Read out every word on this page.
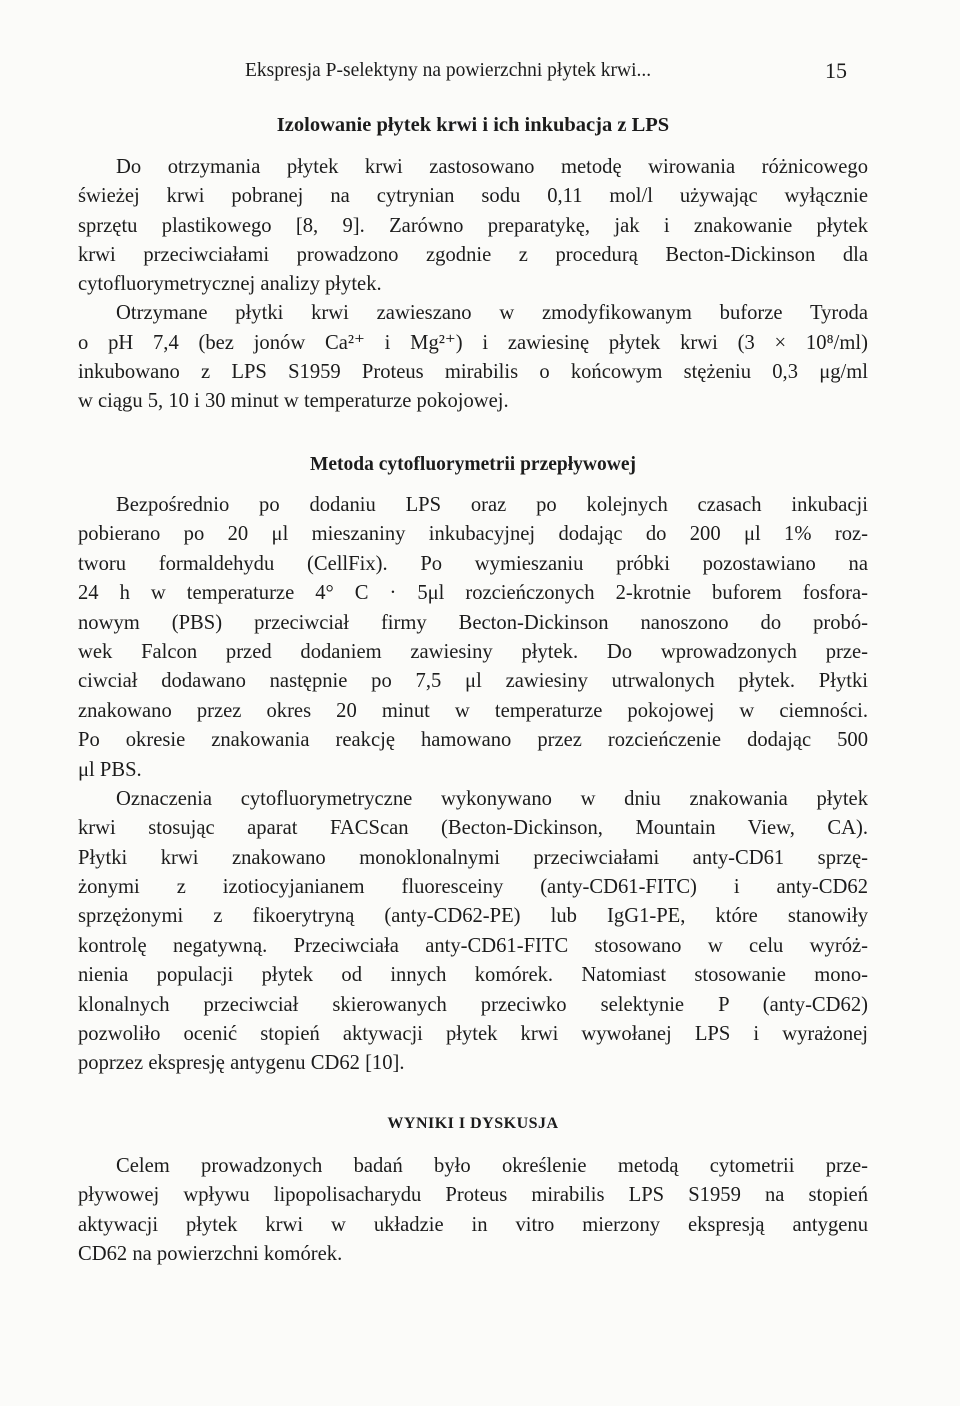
Ekspresja P-selektyny na powierzchni płytek krwi...	15
Izolowanie płytek krwi i ich inkubacja z LPS
Do otrzymania płytek krwi zastosowano metodę wirowania różnicowego
świeżej krwi pobranej na cytrynian sodu 0,11 mol/l używając wyłącznie
sprzętu plastikowego [8, 9]. Zarówno preparatykę, jak i znakowanie płytek
krwi przeciwciałami prowadzono zgodnie z procedurą Becton-Dickinson dla
cytofluorymetrycznej analizy płytek.
Otrzymane płytki krwi zawieszano w zmodyfikowanym buforze Tyroda
o pH 7,4 (bez jonów Ca²⁺ i Mg²⁺) i zawiesinę płytek krwi (3 × 10⁸/ml)
inkubowano z LPS S1959 Proteus mirabilis o końcowym stężeniu 0,3 μg/ml
w ciągu 5, 10 i 30 minut w temperaturze pokojowej.
Metoda cytofluorymetrii przepływowej
Bezpośrednio po dodaniu LPS oraz po kolejnych czasach inkubacji
pobierano po 20 μl mieszaniny inkubacyjnej dodając do 200 μl 1% roz-
tworu formaldehydu (CellFix). Po wymieszaniu próbki pozostawiano na
24 h w temperaturze 4° C · 5μl rozcieńczonych 2-krotnie buforem fosfora-
nowym (PBS) przeciwciał firmy Becton-Dickinson nanoszono do probó-
wek Falcon przed dodaniem zawiesiny płytek. Do wprowadzonych prze-
ciwciał dodawano następnie po 7,5 μl zawiesiny utrwalonych płytek. Płytki
znakowano przez okres 20 minut w temperaturze pokojowej w ciemności.
Po okresie znakowania reakcję hamowano przez rozcieńczenie dodając 500
μl PBS.
Oznaczenia cytofluorymetryczne wykonywano w dniu znakowania płytek
krwi stosując aparat FACScan (Becton-Dickinson, Mountain View, CA).
Płytki krwi znakowano monoklonalnymi przeciwciałami anty-CD61 sprzę-
żonymi z izotiocyjanianem fluoresceiny (anty-CD61-FITC) i anty-CD62
sprzężonymi z fikoerytryną (anty-CD62-PE) lub IgG1-PE, które stanowiły
kontrolę negatywną. Przeciwciała anty-CD61-FITC stosowano w celu wyróż-
nienia populacji płytek od innych komórek. Natomiast stosowanie mono-
klonalnych przeciwciał skierowanych przeciwko selektynie P (anty-CD62)
pozwoliło ocenić stopień aktywacji płytek krwi wywołanej LPS i wyrażonej
poprzez ekspresję antygenu CD62 [10].
WYNIKI I DYSKUSJA
Celem prowadzonych badań było określenie metodą cytometrii prze-
pływowej wpływu lipopolisacharydu Proteus mirabilis LPS S1959 na stopień
aktywacji płytek krwi w układzie in vitro mierzony ekspresją antygenu
CD62 na powierzchni komórek.
